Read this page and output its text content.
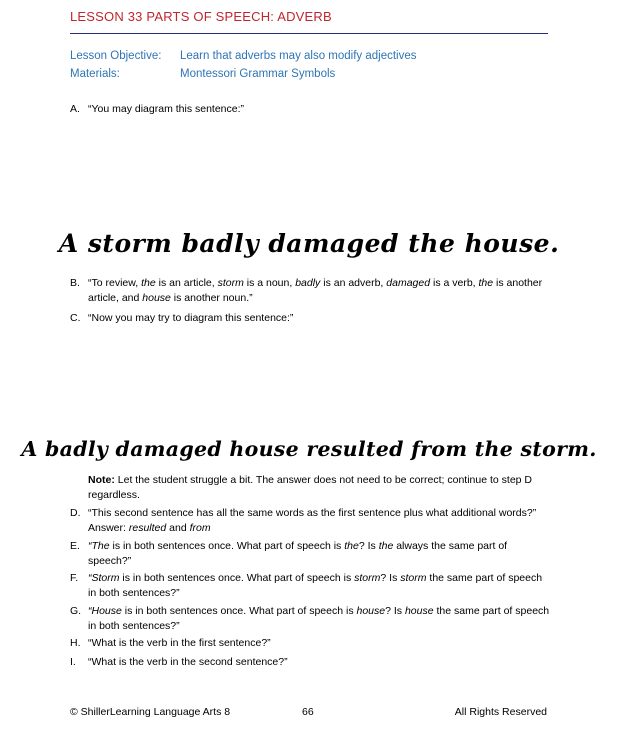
LESSON 33 PARTS OF SPEECH: ADVERB
Lesson Objective: Learn that adverbs may also modify adjectives
Materials:	Montessori Grammar Symbols
A. “You may diagram this sentence:”
A storm badly damaged the house.
B. “To review, the is an article, storm is a noun, badly is an adverb, damaged is a verb, the is another article, and house is another noun.”
C. “Now you may try to diagram this sentence:”
A badly damaged house resulted from the storm.
Note: Let the student struggle a bit. The answer does not need to be correct; continue to step D regardless.
D. “This second sentence has all the same words as the first sentence plus what additional words?” Answer: resulted and from
E. “The is in both sentences once. What part of speech is the? Is the always the same part of speech?”
F. “Storm is in both sentences once. What part of speech is storm? Is storm the same part of speech in both sentences?”
G. “House is in both sentences once. What part of speech is house? Is house the same part of speech in both sentences?”
H. “What is the verb in the first sentence?”
I. “What is the verb in the second sentence?”
© ShillerLearning Language Arts 8	66	All Rights Reserved
